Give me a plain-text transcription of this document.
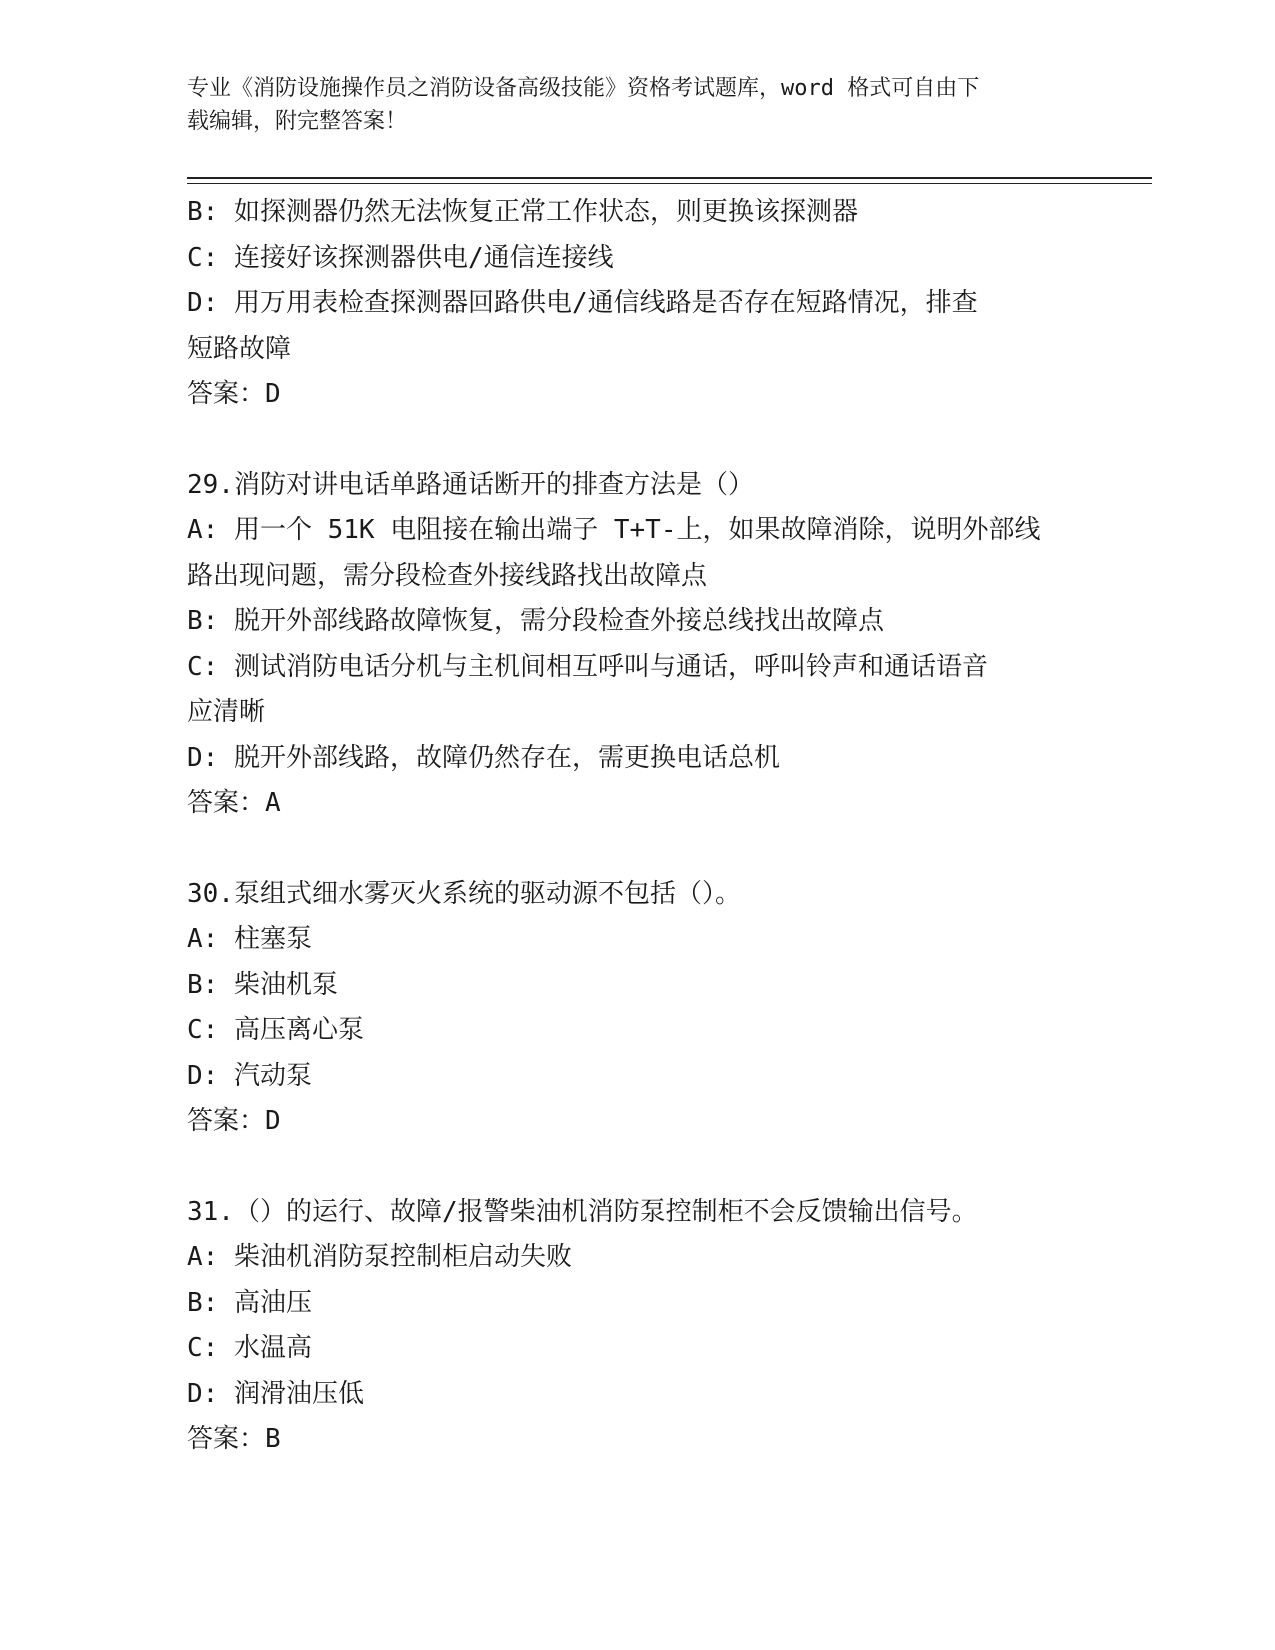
专业《消防设施操作员之消防设备高级技能》资格考试题库，word 格式可自由下
载编辑，附完整答案！
B: 如探测器仍然无法恢复正常工作状态，则更换该探测器
C: 连接好该探测器供电/通信连接线
D: 用万用表检查探测器回路供电/通信线路是否存在短路情况，排查
短路故障
答案：D
29.消防对讲电话单路通话断开的排查方法是（）
A: 用一个 51K 电阻接在输出端子 T+T-上，如果故障消除，说明外部线
路出现问题，需分段检查外接线路找出故障点
B: 脱开外部线路故障恢复，需分段检查外接总线找出故障点
C: 测试消防电话分机与主机间相互呼叫与通话，呼叫铃声和通话语音
应清晰
D: 脱开外部线路，故障仍然存在，需更换电话总机
答案：A
30.泵组式细水雾灭火系统的驱动源不包括（）。
A: 柱塞泵
B: 柴油机泵
C: 高压离心泵
D: 汽动泵
答案：D
31.（）的运行、故障/报警柴油机消防泵控制柜不会反馈输出信号。
A: 柴油机消防泵控制柜启动失败
B: 高油压
C: 水温高
D: 润滑油压低
答案：B
